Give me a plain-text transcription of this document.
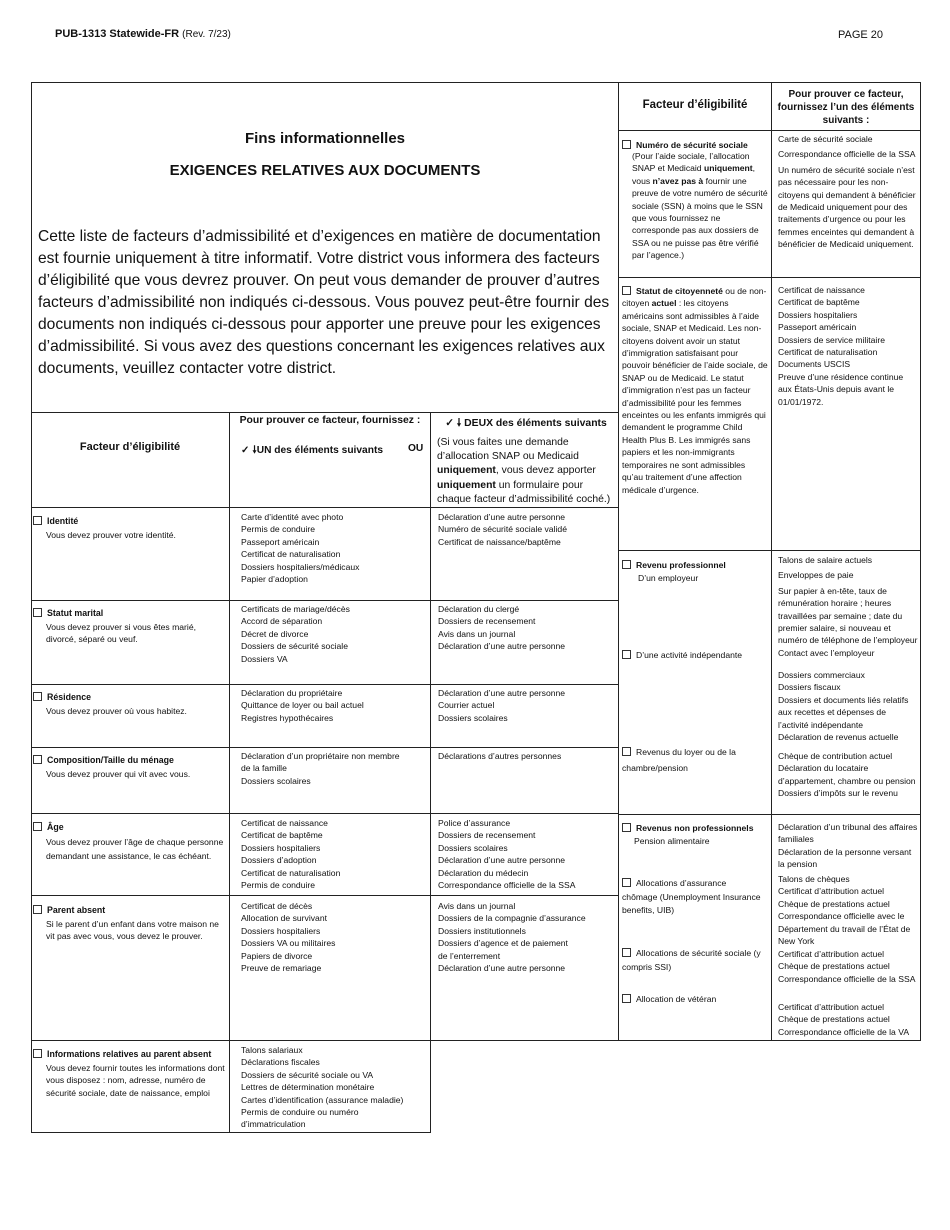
PUB-1313 Statewide-FR (Rev. 7/23)	PAGE 20
Fins informationnelles
EXIGENCES RELATIVES AUX DOCUMENTS
Cette liste de facteurs d’admissibilité et d’exigences en matière de documentation est fournie uniquement à titre informatif. Votre district vous informera des facteurs d’éligibilité que vous devrez prouver. On peut vous demander de prouver d’autres facteurs d’admissibilité non indiqués ci-dessous. Vous pouvez peut-être fournir des documents non indiqués ci-dessous pour apporter une preuve pour les exigences d’admissibilité. Si vous avez des questions concernant les exigences relatives aux documents, veuillez contacter votre district.
Facteur d’éligibilité
Pour prouver ce facteur, fournissez :
✓ 🠗UN des éléments suivants OU
✓ 🠗 DEUX des éléments suivants
(Si vous faites une demande d’allocation SNAP ou Medicaid uniquement, vous devez apporter uniquement un formulaire pour chaque facteur d’admissibilité coché.)
Identité
Vous devez prouver votre identité.
Carte d’identité avec photo
Permis de conduire
Passeport américain
Certificat de naturalisation
Dossiers hospitaliers/médicaux
Papier d’adoption
Déclaration d’une autre personne
Numéro de sécurité sociale validé
Certificat de naissance/baptême
Statut marital
Vous devez prouver si vous êtes marié, divorcé, séparé ou veuf.
Certificats de mariage/décès
Accord de séparation
Décret de divorce
Dossiers de sécurité sociale
Dossiers VA
Déclaration du clergé
Dossiers de recensement
Avis dans un journal
Déclaration d’une autre personne
Résidence
Vous devez prouver où vous habitez.
Déclaration du propriétaire
Quittance de loyer ou bail actuel
Registres hypothécaires
Déclaration d’une autre personne
Courrier actuel
Dossiers scolaires
Composition/Taille du ménage
Vous devez prouver qui vit avec vous.
Déclaration d’un propriétaire non membre
de la famille
Dossiers scolaires
Déclarations d’autres personnes
Âge
Vous devez prouver l’âge de chaque personne demandant une assistance, le cas échéant.
Certificat de naissance
Certificat de baptême
Dossiers hospitaliers
Dossiers d’adoption
Certificat de naturalisation
Permis de conduire
Police d’assurance
Dossiers de recensement
Dossiers scolaires
Déclaration d’une autre personne
Déclaration du médecin
Correspondance officielle de la SSA
Parent absent
Si le parent d’un enfant dans votre maison ne vit pas avec vous, vous devez le prouver.
Certificat de décès
Allocation de survivant
Dossiers hospitaliers
Dossiers VA ou militaires
Papiers de divorce
Preuve de remariage
Avis dans un journal
Dossiers de la compagnie d’assurance
Dossiers institutionnels
Dossiers d’agence et de paiement
de l’enterrement
Déclaration d’une autre personne
Informations relatives au parent absent
Vous devez fournir toutes les informations dont vous disposez : nom, adresse, numéro de sécurité sociale, date de naissance, emploi
Talons salariaux
Déclarations fiscales
Dossiers de sécurité sociale ou VA
Lettres de détermination monétaire
Cartes d’identification (assurance maladie)
Permis de conduire ou numéro
d’immatriculation
Facteur d’éligibilité
Pour prouver ce facteur, fournissez l’un des éléments suivants :
Numéro de sécurité sociale
(Pour l’aide sociale, l’allocation SNAP et Medicaid uniquement, vous n’avez pas à fournir une preuve de votre numéro de sécurité sociale (SSN) à moins que le SSN que vous fournissez ne corresponde pas aux dossiers de SSA ou ne puisse pas être vérifié par l’agence.)

Carte de sécurité sociale

Correspondance officielle de la SSA

Un numéro de sécurité sociale n’est pas nécessaire pour les non-citoyens qui demandent à bénéficier de Medicaid uniquement pour des traitements d’urgence ou pour les femmes enceintes qui demandent à bénéficier de Medicaid uniquement.

Statut de citoyenneté ou de non-citoyen actuel : les citoyens américains sont admissibles à l’aide sociale, SNAP et Medicaid. Les non-citoyens doivent avoir un statut d’immigration satisfaisant pour pouvoir bénéficier de l’aide sociale, de SNAP ou de Medicaid. Le statut d’immigration n’est pas un facteur d’admissibilité pour les femmes enceintes ou les enfants immigrés qui demandent le programme Child Health Plus B. Les immigrés sans papiers et les non-immigrants temporaires ne sont admissibles qu’au traitement d’une affection médicale d’urgence.

Certificat de naissance

Certificat de baptême

Dossiers hospitaliers

Passeport américain

Dossiers de service militaire

Certificat de naturalisation

Documents USCIS

Preuve d’une résidence continue aux États-Unis depuis avant le 01/01/1972.

Revenu professionnel
D’un employeur
D’une activité indépendante
Revenus du loyer ou de la chambre/pension

Talons de salaire actuels

Enveloppes de paie

Sur papier à en-tête, taux de rémunération horaire ; heures travaillées par semaine ; date du premier salaire, si nouveau et numéro de téléphone de l’employeur Contact avec l’employeur

Dossiers commerciaux

Dossiers fiscaux

Dossiers et documents liés relatifs aux recettes et dépenses de l’activité indépendante

Déclaration de revenus actuelle

Chèque de contribution actuel

Déclaration du locataire d’appartement, chambre ou pension

Dossiers d’impôts sur le revenu

Revenus non professionnels
Pension alimentaire
Allocations d’assurance chômage (Unemployment Insurance benefits, UIB)
Allocations de sécurité sociale (y compris SSI)
Allocation de vétéran

Déclaration d’un tribunal des affaires familiales

Déclaration de la personne versant la pension

Talons de chèques

Certificat d’attribution actuel

Chèque de prestations actuel

Correspondance officielle avec le Département du travail de l’État de New York

Certificat d’attribution actuel

Chèque de prestations actuel

Correspondance officielle de la SSA

Certificat d’attribution actuel

Chèque de prestations actuel

Correspondance officielle de la VA
